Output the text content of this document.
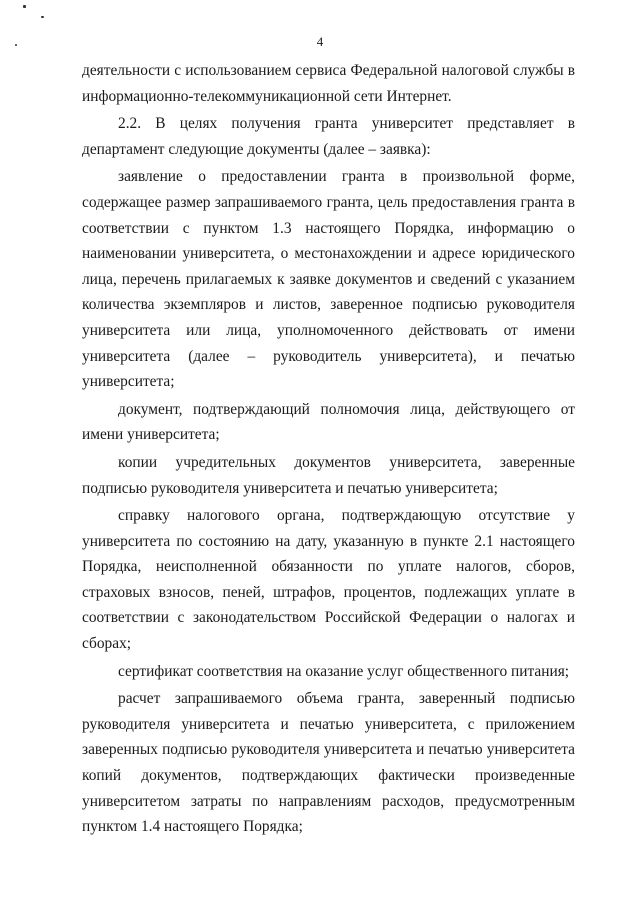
4

деятельности с использованием сервиса Федеральной налоговой службы в информационно-телекоммуникационной сети Интернет.

2.2. В целях получения гранта университет представляет в департамент следующие документы (далее – заявка):

заявление о предоставлении гранта в произвольной форме, содержащее размер запрашиваемого гранта, цель предоставления гранта в соответствии с пунктом 1.3 настоящего Порядка, информацию о наименовании университета, о местонахождении и адресе юридического лица, перечень прилагаемых к заявке документов и сведений с указанием количества экземпляров и листов, заверенное подписью руководителя университета или лица, уполномоченного действовать от имени университета (далее – руководитель университета), и печатью университета;

документ, подтверждающий полномочия лица, действующего от имени университета;

копии учредительных документов университета, заверенные подписью руководителя университета и печатью университета;

справку налогового органа, подтверждающую отсутствие у университета по состоянию на дату, указанную в пункте 2.1 настоящего Порядка, неисполненной обязанности по уплате налогов, сборов, страховых взносов, пеней, штрафов, процентов, подлежащих уплате в соответствии с законодательством Российской Федерации о налогах и сборах;

сертификат соответствия на оказание услуг общественного питания;

расчет запрашиваемого объема гранта, заверенный подписью руководителя университета и печатью университета, с приложением заверенных подписью руководителя университета и печатью университета копий документов, подтверждающих фактически произведенные университетом затраты по направлениям расходов, предусмотренным пунктом 1.4 настоящего Порядка;
